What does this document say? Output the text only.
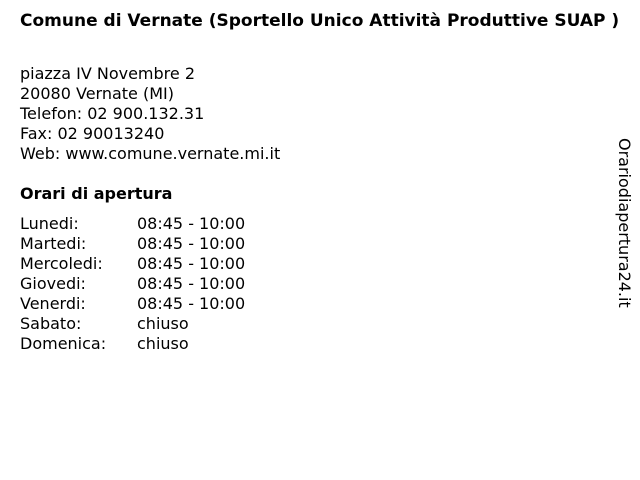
Comune di Vernate (Sportello Unico Attività Produttive SUAP )
piazza IV Novembre 2
20080 Vernate (MI)
Telefon: 02 900.132.31
Fax: 02 90013240
Web: www.comune.vernate.mi.it
Orari di apertura
Lunedi:	08:45 - 10:00
Martedi:	08:45 - 10:00
Mercoledi:	08:45 - 10:00
Giovedi:	08:45 - 10:00
Venerdi:	08:45 - 10:00
Sabato:	chiuso
Domenica:	chiuso
Orariodiapertura24.it
